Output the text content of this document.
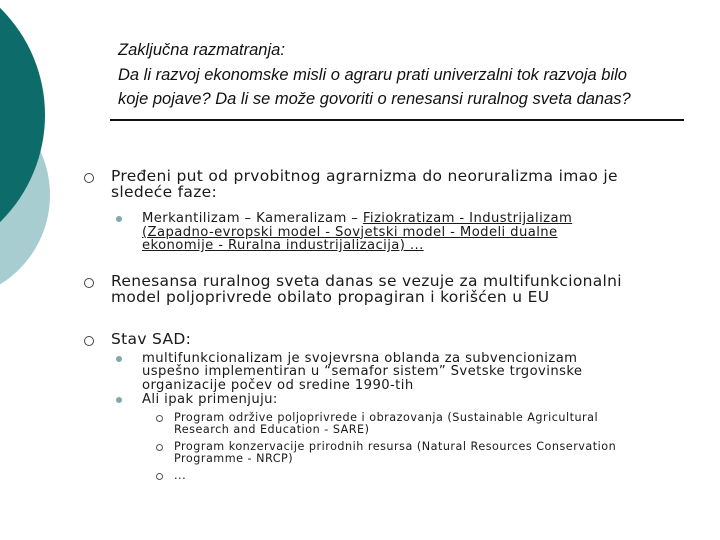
Zaključna razmatranja:
Da li razvoj ekonomske misli o agraru prati univerzalni tok razvoja bilo
koje pojave? Da li se može govoriti o renesansi ruralnog sveta danas?
Pređeni put od prvobitnog agrarnizma do neoruralizma imao je
sledeće faze:
Merkantilizam – Kameralizam – Fiziokratizam - Industrijalizam
(Zapadno-evropski model - Sovjetski model - Modeli dualne
ekonomije - Ruralna industrijalizacija) ...
Renesansa ruralnog sveta danas se vezuje za multifunkcionalni
model poljoprivrede obilato propagiran i korišćen u EU
Stav SAD:
multifunkcionalizam je svojevrsna oblanda za subvencionizam
uspešno implementiran u “semafor sistem” Svetske trgovinske
organizacije počev od sredine 1990-tih
Ali ipak primenjuju:
Program održive poljoprivrede i obrazovanja (Sustainable Agricultural
Research and Education - SARE)
Program konzervacije prirodnih resursa (Natural Resources Conservation
Programme - NRCP)
...
